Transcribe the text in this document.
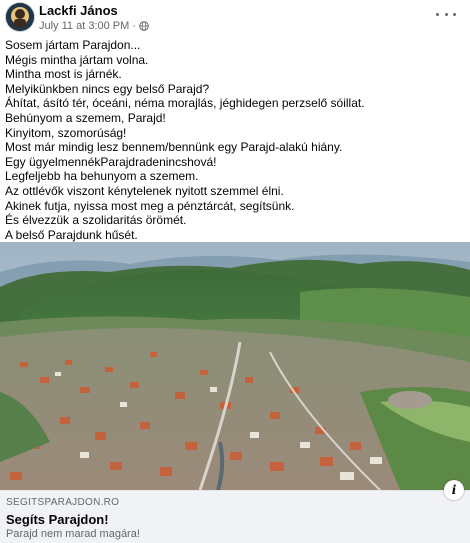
Lackfi János
July 11 at 3:00 PM ·
Sosem jártam Parajdon...
Mégis mintha jártam volna.
Mintha most is járnék.
Melyikünkben nincs egy belső Parajd?
Áhítat, ásító tér, óceáni, néma morajlás, jéghidegen perzselő sóillat.
Behúnyom a szemem, Parajd!
Kinyitom, szomorúság!
Most már mindig lesz bennem/bennünk egy Parajd-alakú hiány.
Egy ügyelmennékParajdradenincshová!
Legfeljebb ha behunyom a szemem.
Az ottlévők viszont kénytelenek nyitott szemmel élni.
Akinek futja, nyissa most meg a pénztárcát, segítsünk.
És élvezzük a szolidaritás örömét.
A belső Parajdunk hűsét.
SEGITSPARAJDON.RO
Segíts Parajdon!
Parajd nem marad magára!
i
